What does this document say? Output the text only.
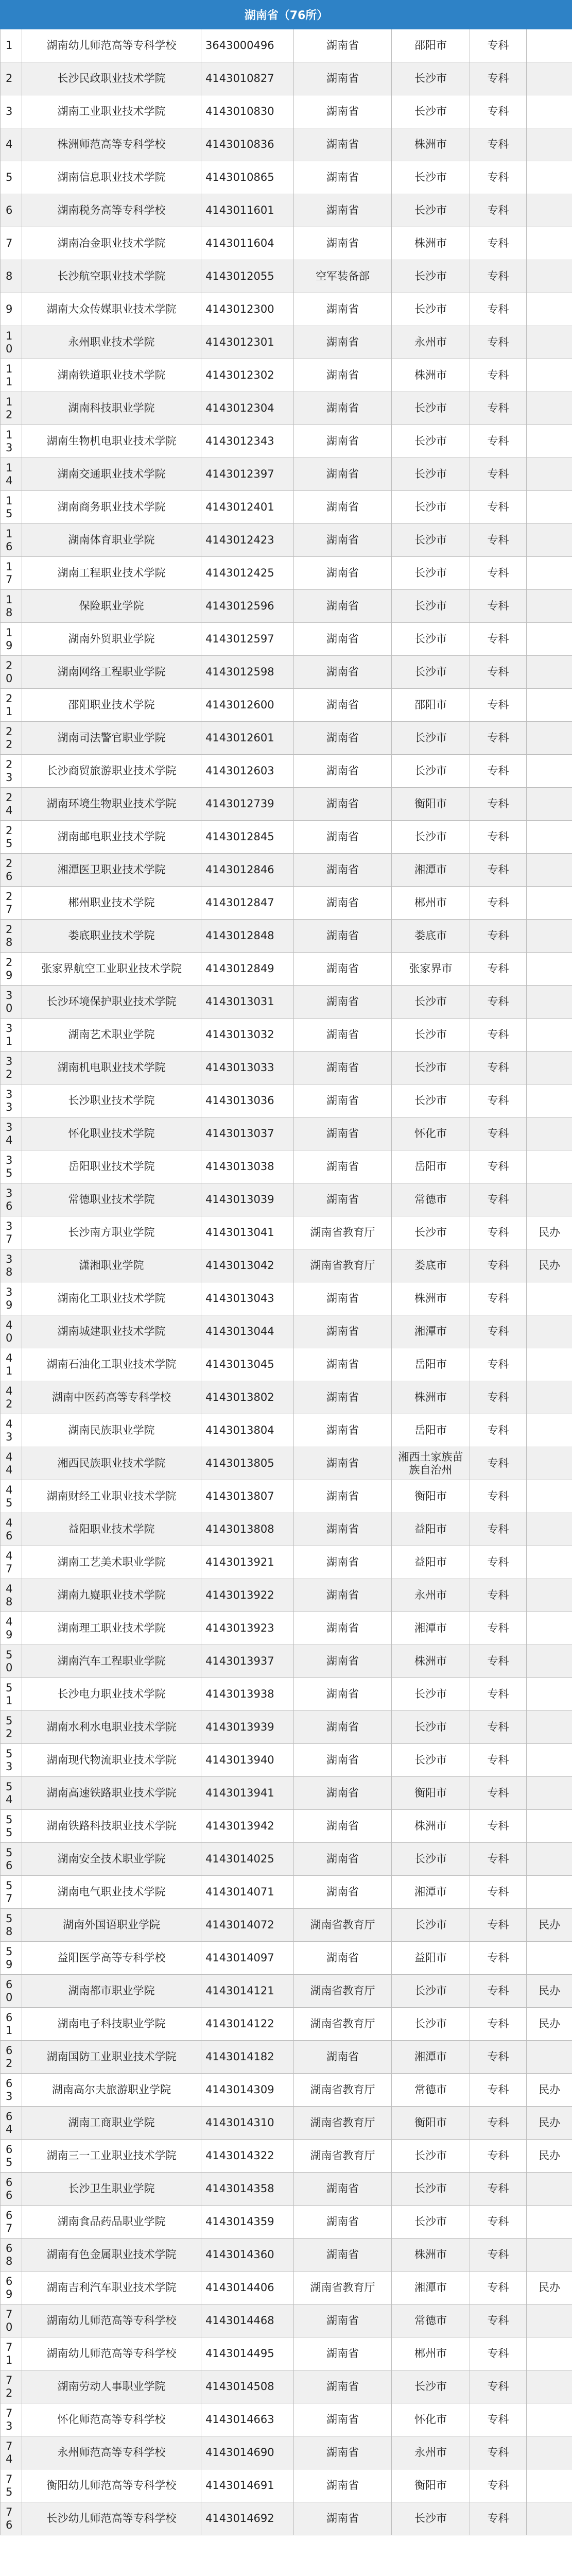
湖南省（76所）						
1	湖南幼儿师范高等专科学校	3643000496	湖南省	邵阳市	专科	
2	长沙民政职业技术学院	4143010827	湖南省	长沙市	专科	
3	湖南工业职业技术学院	4143010830	湖南省	长沙市	专科	
4	株洲师范高等专科学校	4143010836	湖南省	株洲市	专科	
5	湖南信息职业技术学院	4143010865	湖南省	长沙市	专科	
6	湖南税务高等专科学校	4143011601	湖南省	长沙市	专科	
7	湖南冶金职业技术学院	4143011604	湖南省	株洲市	专科	
8	长沙航空职业技术学院	4143012055	空军装备部	长沙市	专科	
9	湖南大众传媒职业技术学院	4143012300	湖南省	长沙市	专科	
10	永州职业技术学院	4143012301	湖南省	永州市	专科	
11	湖南铁道职业技术学院	4143012302	湖南省	株洲市	专科	
12	湖南科技职业学院	4143012304	湖南省	长沙市	专科	
13	湖南生物机电职业技术学院	4143012343	湖南省	长沙市	专科	
14	湖南交通职业技术学院	4143012397	湖南省	长沙市	专科	
15	湖南商务职业技术学院	4143012401	湖南省	长沙市	专科	
16	湖南体育职业学院	4143012423	湖南省	长沙市	专科	
17	湖南工程职业技术学院	4143012425	湖南省	长沙市	专科	
18	保险职业学院	4143012596	湖南省	长沙市	专科	
19	湖南外贸职业学院	4143012597	湖南省	长沙市	专科	
20	湖南网络工程职业学院	4143012598	湖南省	长沙市	专科	
21	邵阳职业技术学院	4143012600	湖南省	邵阳市	专科	
22	湖南司法警官职业学院	4143012601	湖南省	长沙市	专科	
23	长沙商贸旅游职业技术学院	4143012603	湖南省	长沙市	专科	
24	湖南环境生物职业技术学院	4143012739	湖南省	衡阳市	专科	
25	湖南邮电职业技术学院	4143012845	湖南省	长沙市	专科	
26	湘潭医卫职业技术学院	4143012846	湖南省	湘潭市	专科	
27	郴州职业技术学院	4143012847	湖南省	郴州市	专科	
28	娄底职业技术学院	4143012848	湖南省	娄底市	专科	
29	张家界航空工业职业技术学院	4143012849	湖南省	张家界市	专科	
30	长沙环境保护职业技术学院	4143013031	湖南省	长沙市	专科	
31	湖南艺术职业学院	4143013032	湖南省	长沙市	专科	
32	湖南机电职业技术学院	4143013033	湖南省	长沙市	专科	
33	长沙职业技术学院	4143013036	湖南省	长沙市	专科	
34	怀化职业技术学院	4143013037	湖南省	怀化市	专科	
35	岳阳职业技术学院	4143013038	湖南省	岳阳市	专科	
36	常德职业技术学院	4143013039	湖南省	常德市	专科	
37	长沙南方职业学院	4143013041	湖南省教育厅	长沙市	专科	民办
38	潇湘职业学院	4143013042	湖南省教育厅	娄底市	专科	民办
39	湖南化工职业技术学院	4143013043	湖南省	株洲市	专科	
40	湖南城建职业技术学院	4143013044	湖南省	湘潭市	专科	
41	湖南石油化工职业技术学院	4143013045	湖南省	岳阳市	专科	
42	湖南中医药高等专科学校	4143013802	湖南省	株洲市	专科	
43	湖南民族职业学院	4143013804	湖南省	岳阳市	专科	
44	湘西民族职业技术学院	4143013805	湖南省	湘西土家族苗族自治州	专科	
45	湖南财经工业职业技术学院	4143013807	湖南省	衡阳市	专科	
46	益阳职业技术学院	4143013808	湖南省	益阳市	专科	
47	湖南工艺美术职业学院	4143013921	湖南省	益阳市	专科	
48	湖南九嶷职业技术学院	4143013922	湖南省	永州市	专科	
49	湖南理工职业技术学院	4143013923	湖南省	湘潭市	专科	
50	湖南汽车工程职业学院	4143013937	湖南省	株洲市	专科	
51	长沙电力职业技术学院	4143013938	湖南省	长沙市	专科	
52	湖南水利水电职业技术学院	4143013939	湖南省	长沙市	专科	
53	湖南现代物流职业技术学院	4143013940	湖南省	长沙市	专科	
54	湖南高速铁路职业技术学院	4143013941	湖南省	衡阳市	专科	
55	湖南铁路科技职业技术学院	4143013942	湖南省	株洲市	专科	
56	湖南安全技术职业学院	4143014025	湖南省	长沙市	专科	
57	湖南电气职业技术学院	4143014071	湖南省	湘潭市	专科	
58	湖南外国语职业学院	4143014072	湖南省教育厅	长沙市	专科	民办
59	益阳医学高等专科学校	4143014097	湖南省	益阳市	专科	
60	湖南都市职业学院	4143014121	湖南省教育厅	长沙市	专科	民办
61	湖南电子科技职业学院	4143014122	湖南省教育厅	长沙市	专科	民办
62	湖南国防工业职业技术学院	4143014182	湖南省	湘潭市	专科	
63	湖南高尔夫旅游职业学院	4143014309	湖南省教育厅	常德市	专科	民办
64	湖南工商职业学院	4143014310	湖南省教育厅	衡阳市	专科	民办
65	湖南三一工业职业技术学院	4143014322	湖南省教育厅	长沙市	专科	民办
66	长沙卫生职业学院	4143014358	湖南省	长沙市	专科	
67	湖南食品药品职业学院	4143014359	湖南省	长沙市	专科	
68	湖南有色金属职业技术学院	4143014360	湖南省	株洲市	专科	
69	湖南吉利汽车职业技术学院	4143014406	湖南省教育厅	湘潭市	专科	民办
70	湖南幼儿师范高等专科学校	4143014468	湖南省	常德市	专科	
71	湖南幼儿师范高等专科学校	4143014495	湖南省	郴州市	专科	
72	湖南劳动人事职业学院	4143014508	湖南省	长沙市	专科	
73	怀化师范高等专科学校	4143014663	湖南省	怀化市	专科	
74	永州师范高等专科学校	4143014690	湖南省	永州市	专科	
75	衡阳幼儿师范高等专科学校	4143014691	湖南省	衡阳市	专科	
76	长沙幼儿师范高等专科学校	4143014692	湖南省	长沙市	专科	
